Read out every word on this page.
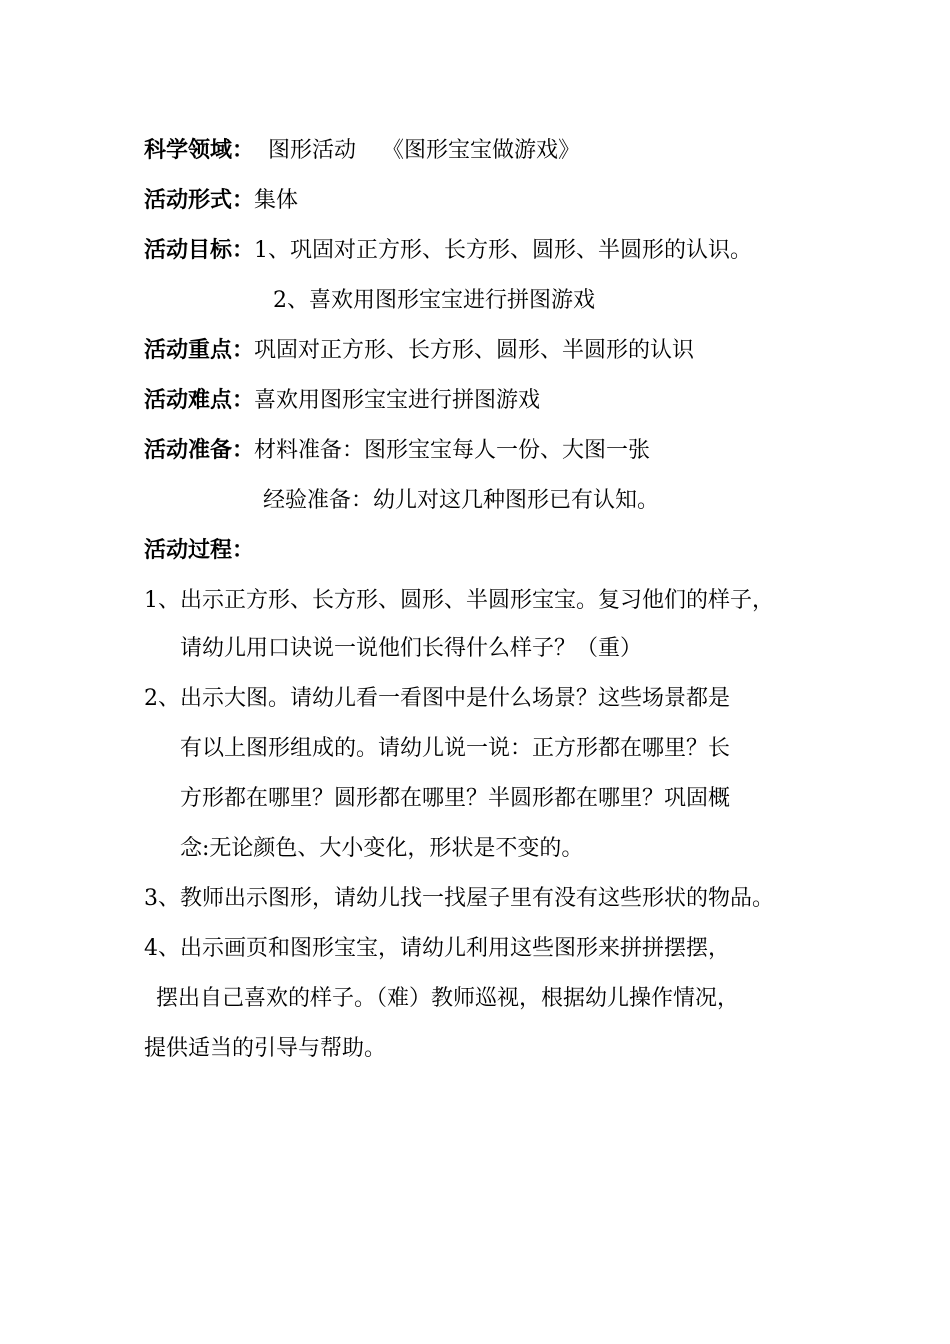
科学领域： 图形活动 《图形宝宝做游戏》
活动形式：集体
活动目标：1、巩固对正方形、长方形、圆形、半圆形的认识。
2、喜欢用图形宝宝进行拼图游戏
活动重点：巩固对正方形、长方形、圆形、半圆形的认识
活动难点：喜欢用图形宝宝进行拼图游戏
活动准备：材料准备：图形宝宝每人一份、大图一张
经验准备：幼儿对这几种图形已有认知。
活动过程：
1、出示正方形、长方形、圆形、半圆形宝宝。复习他们的样子，
请幼儿用口诀说一说他们长得什么样子？（重）
2、出示大图。请幼儿看一看图中是什么场景？这些场景都是
有以上图形组成的。请幼儿说一说：正方形都在哪里？长
方形都在哪里？圆形都在哪里？半圆形都在哪里？巩固概
念:无论颜色、大小变化，形状是不变的。
3、教师出示图形，请幼儿找一找屋子里有没有这些形状的物品。
4、出示画页和图形宝宝，请幼儿利用这些图形来拼拼摆摆，
摆出自己喜欢的样子。（难）教师巡视，根据幼儿操作情况，
提供适当的引导与帮助。
